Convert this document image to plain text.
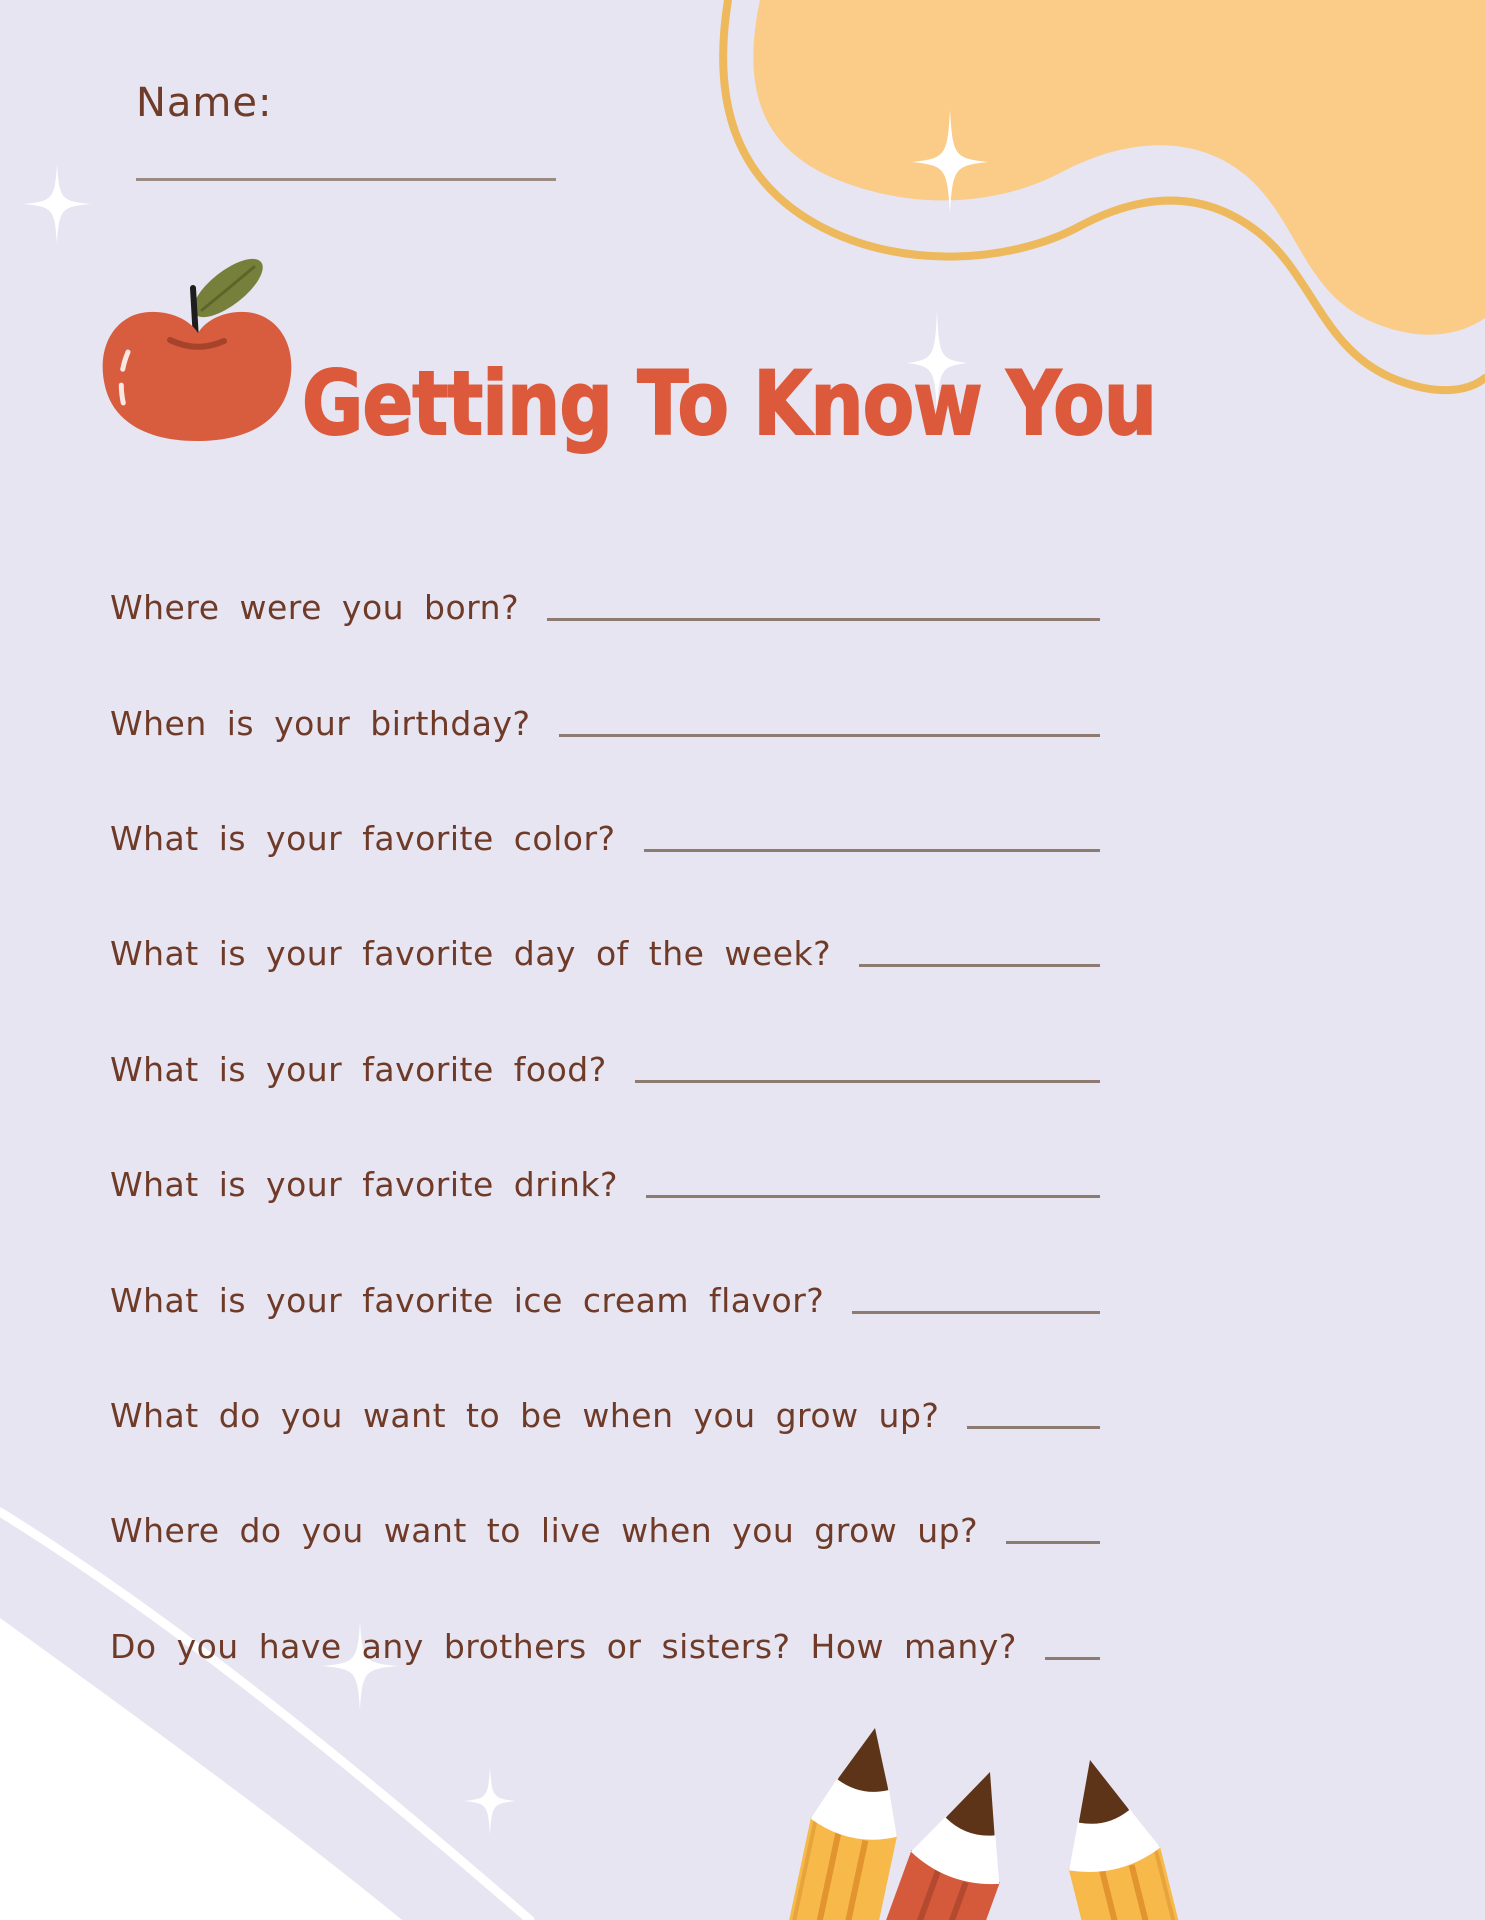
Name:
Getting To Know You
Where were you born?
When is your birthday?
What is your favorite color?
What is your favorite day of the week?
What is your favorite food?
What is your favorite drink?
What is your favorite ice cream flavor?
What do you want to be when you grow up?
Where do you want to live when you grow up?
Do you have any brothers or sisters? How many?
